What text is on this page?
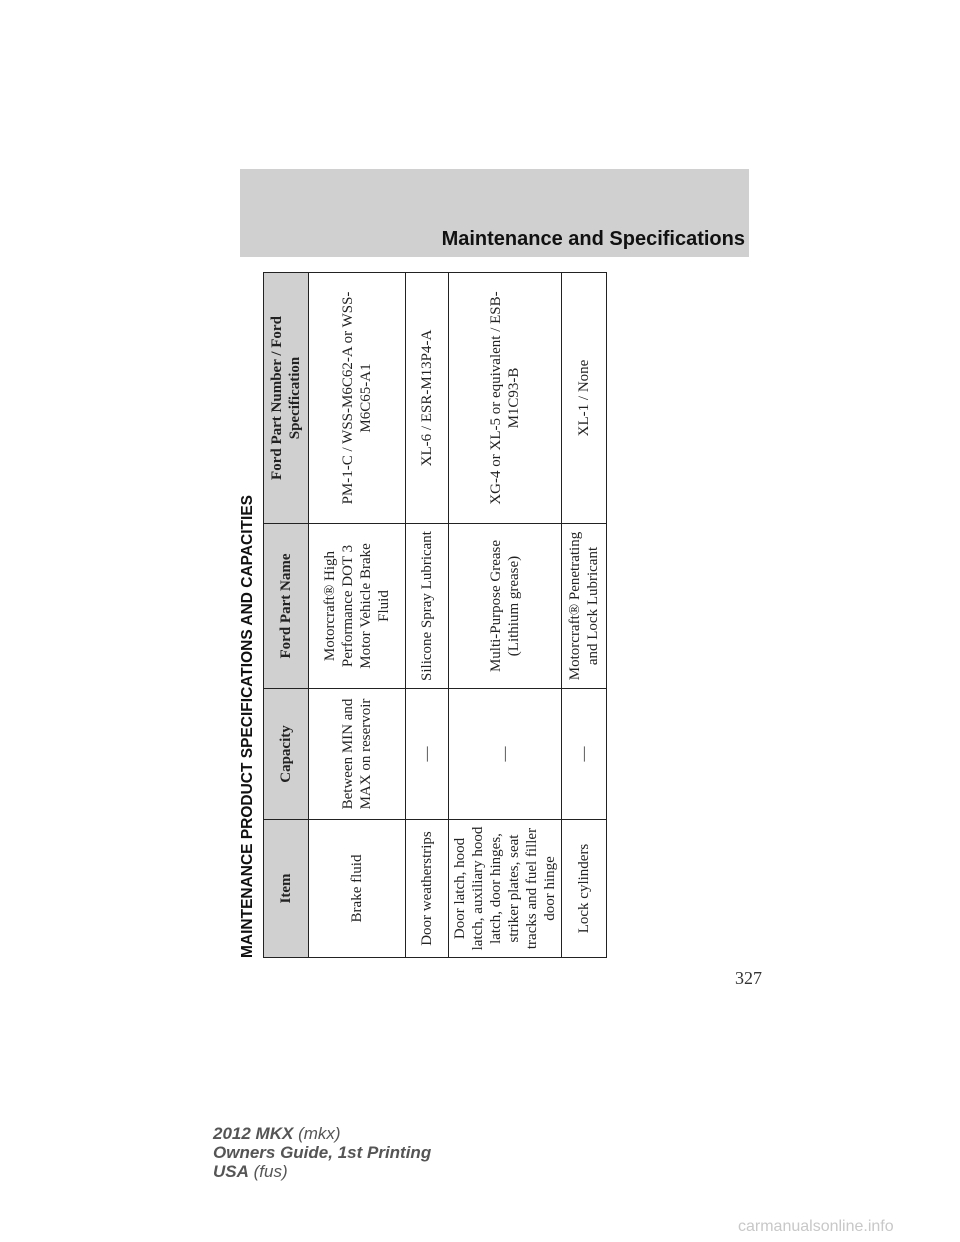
Maintenance and Specifications
MAINTENANCE PRODUCT SPECIFICATIONS AND CAPACITIES	Item	Capacity	Ford Part Name	Ford Part Number / Ford Specification
Brake fluid	Between MIN and MAX on reservoir	Motorcraft® High Performance DOT 3 Motor Vehicle Brake Fluid	PM-1-C / WSS-M6C62-A or WSS-M6C65-A1
Door weatherstrips	—	Silicone Spray Lubricant	XL-6 / ESR-M13P4-A
Door latch, hood latch, auxiliary hood latch, door hinges, striker plates, seat tracks and fuel filler door hinge	—	Multi-Purpose Grease (Lithium grease)	XG-4 or XL-5 or equivalent / ESB-M1C93-B
Lock cylinders	—	Motorcraft® Penetrating and Lock Lubricant	XL-1 / None
327
2012 MKX (mkx)
Owners Guide, 1st Printing
USA (fus)
carmanualsonline.info
